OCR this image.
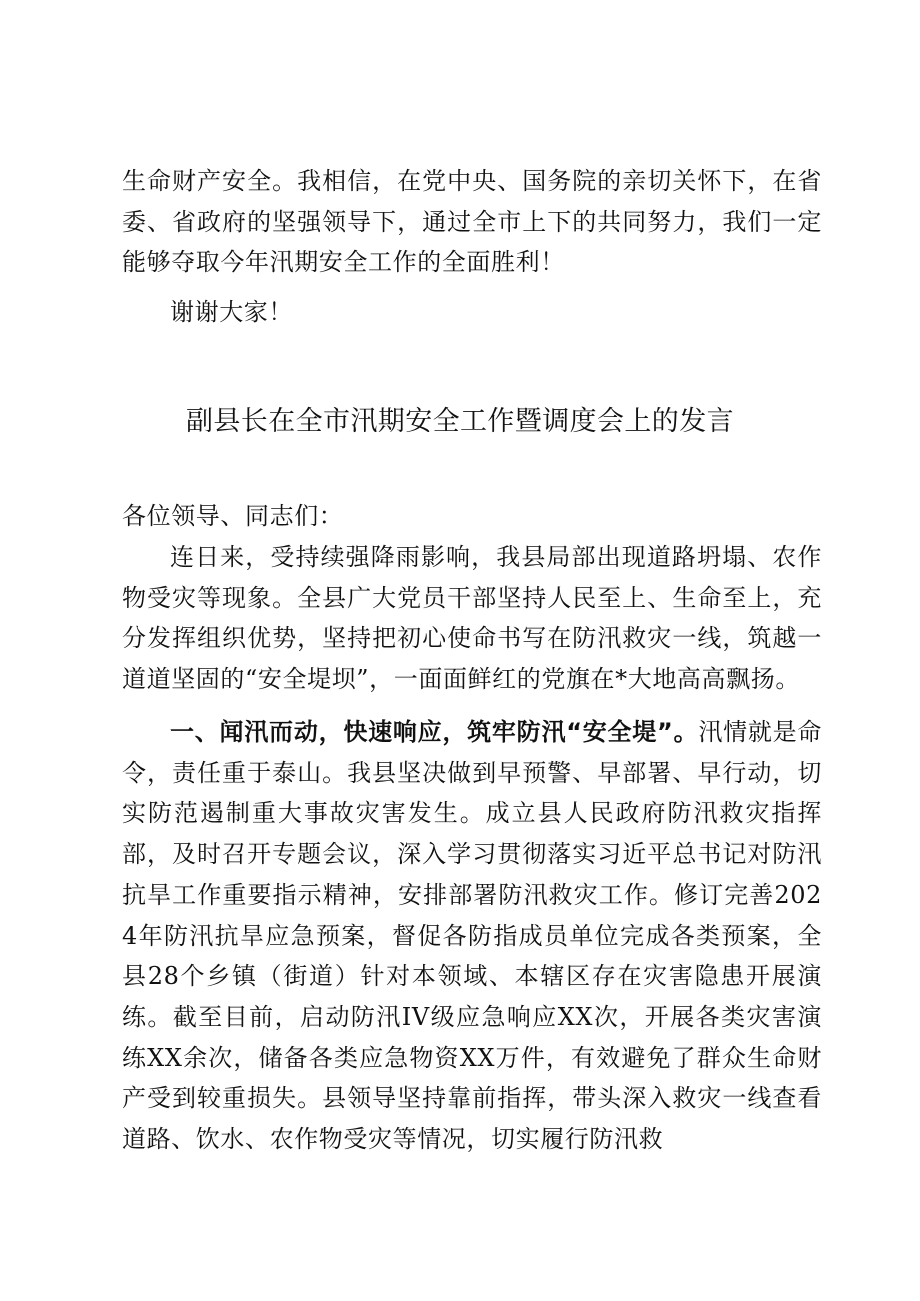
生命财产安全。我相信，在党中央、国务院的亲切关怀下，在省委、省政府的坚强领导下，通过全市上下的共同努力，我们一定能够夺取今年汛期安全工作的全面胜利！

谢谢大家！

副县长在全市汛期安全工作暨调度会上的发言

各位领导、同志们：

连日来，受持续强降雨影响，我县局部出现道路坍塌、农作物受灾等现象。全县广大党员干部坚持人民至上、生命至上，充分发挥组织优势，坚持把初心使命书写在防汛救灾一线，筑越一道道坚固的“安全堤坝”，一面面鲜红的党旗在*大地高高飘扬。

一、闻汛而动，快速响应，筑牢防汛“安全堤”。汛情就是命令，责任重于泰山。我县坚决做到早预警、早部署、早行动，切实防范遏制重大事故灾害发生。成立县人民政府防汛救灾指挥部，及时召开专题会议，深入学习贯彻落实习近平总书记对防汛抗旱工作重要指示精神，安排部署防汛救灾工作。修订完善2024年防汛抗旱应急预案，督促各防指成员单位完成各类预案，全县28个乡镇（街道）针对本领域、本辖区存在灾害隐患开展演练。截至目前，启动防汛IV级应急响应XX次，开展各类灾害演练XX余次，储备各类应急物资XX万件，有效避免了群众生命财产受到较重损失。县领导坚持靠前指挥，带头深入救灾一线查看道路、饮水、农作物受灾等情况，切实履行防汛救
